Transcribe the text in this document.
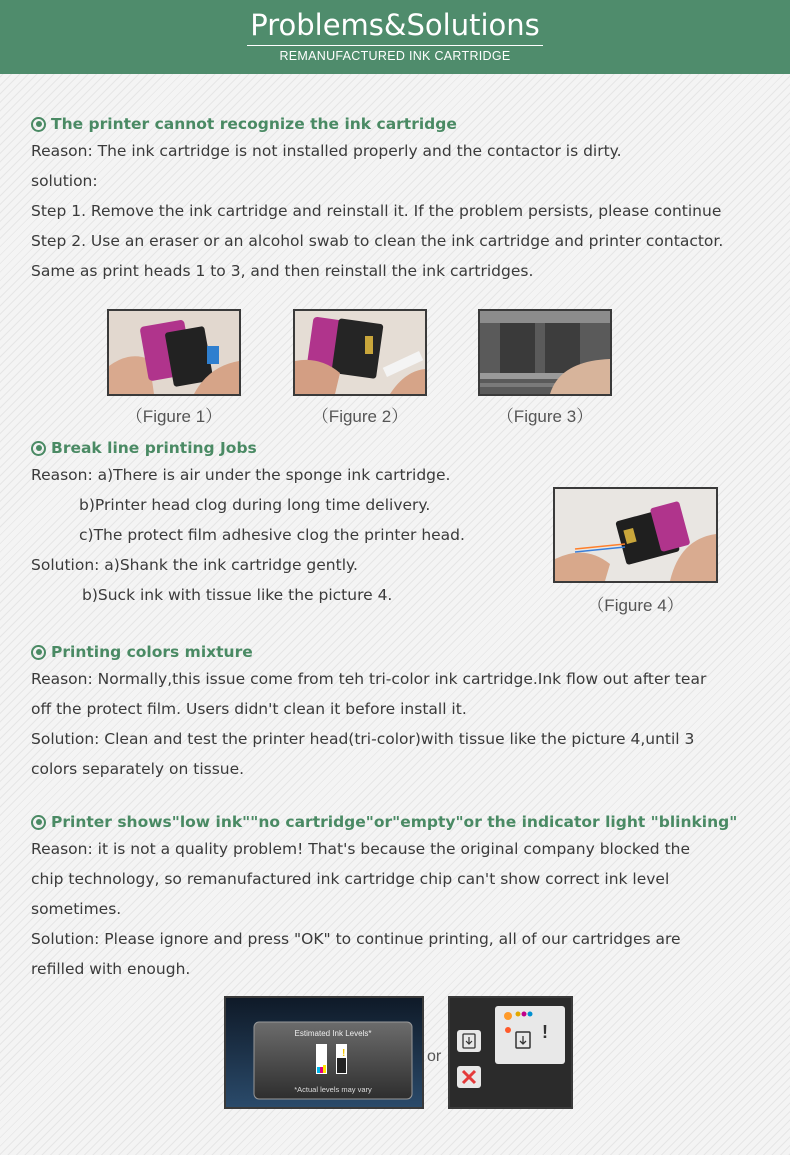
Problems&Solutions
REMANUFACTURED INK CARTRIDGE
The printer cannot recognize the ink cartridge
Reason: The ink cartridge is not installed properly and the contactor is dirty.
solution:
Step 1. Remove the ink cartridge and reinstall it. If the problem persists, please continue
Step 2. Use an eraser or an alcohol swab to clean the ink cartridge and printer contactor.
Same as print heads 1 to 3, and then reinstall the ink cartridges.
（Figure 1）	（Figure 2）	（Figure 3）
Break line printing Jobs
Reason: a)There is air under the sponge ink cartridge.
b)Printer head clog during long time delivery.
c)The protect film adhesive clog the printer head.
Solution: a)Shank the ink cartridge gently.
b)Suck ink with tissue like the picture 4.
（Figure 4）
Printing colors mixture
Reason: Normally,this issue come from teh tri-color ink cartridge.Ink flow out after tear
off the protect film. Users didn't clean it before install it.
Solution: Clean and test the printer head(tri-color)with tissue like the picture 4,until 3
colors separately on tissue.
Printer shows"low ink""no cartridge"or"empty"or the indicator light "blinking"
Reason: it is not a quality problem! That's because the original company blocked the
chip technology, so remanufactured ink cartridge chip can't show correct ink level
sometimes.
Solution: Please ignore and press "OK" to continue printing, all of our cartridges are
refilled with enough.
!
Estimated Ink Levels*
*Actual levels may vary
or
!
